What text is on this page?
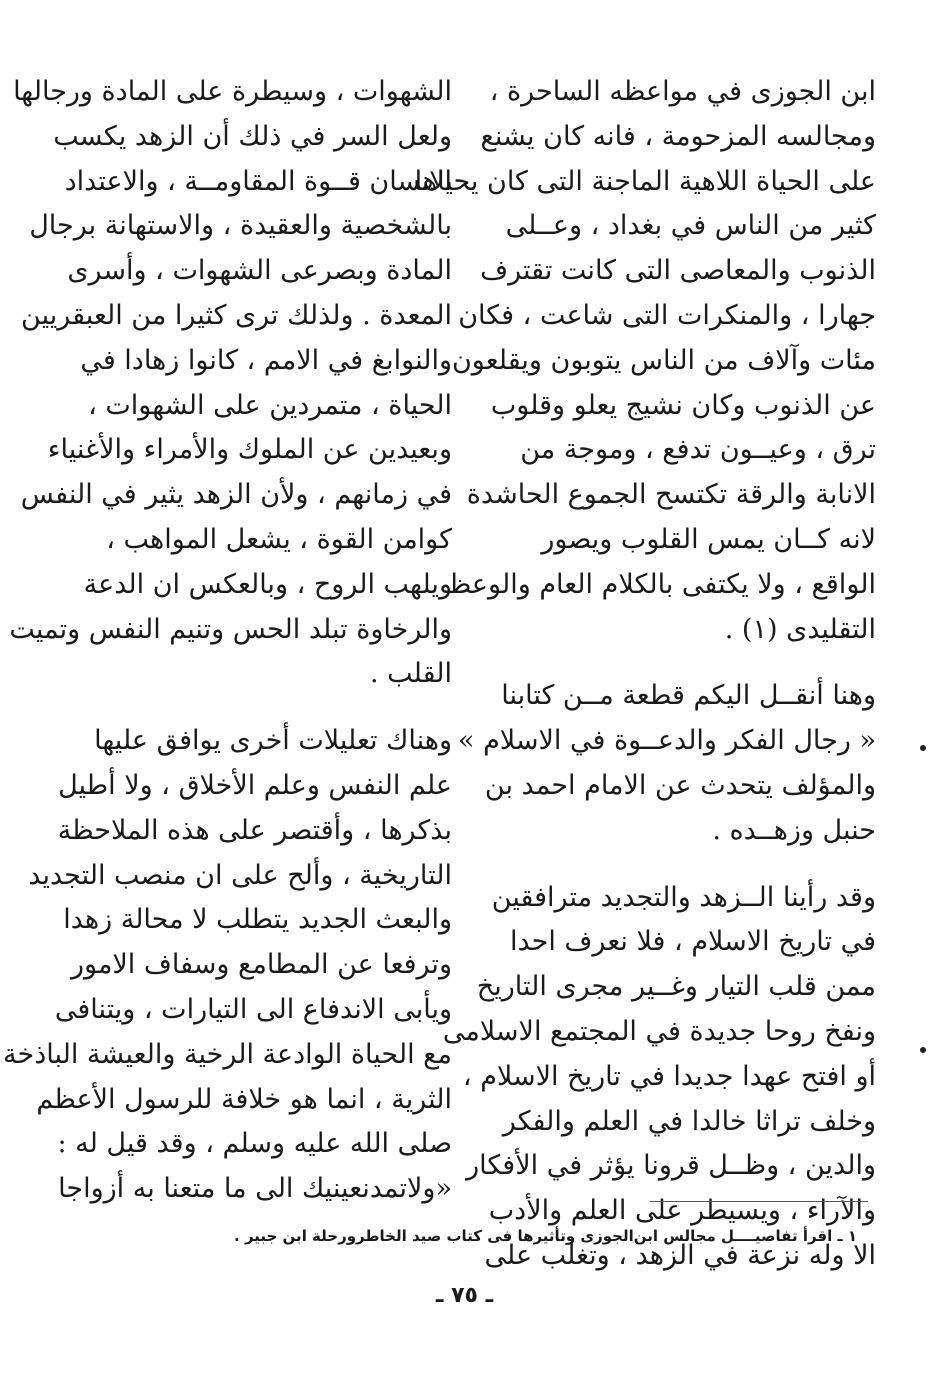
ابن الجوزى في مواعظه الساحرة ،
ومجالسه المزحومة ، فانه كان يشنع
على الحياة اللاهية الماجنة التى كان يحياها
كثير من الناس في بغداد ، وعــلى
الذنوب والمعاصى التى كانت تقترف
جهارا ، والمنكرات التى شاعت ، فكان
مئات وآلاف من الناس يتوبون ويقلعون
عن الذنوب وكان نشيج يعلو وقلوب
ترق ، وعيــون تدفع ، وموجة من
الانابة والرقة تكتسح الجموع الحاشدة
لانه كــان يمس القلوب ويصور
الواقع ، ولا يكتفى بالكلام العام والوعظ
التقليدى (١) .
وهنا أنقــل اليكم قطعة مــن كتابنا
« رجال الفكر والدعــوة في الاسلام »
والمؤلف يتحدث عن الامام احمد بن
حنبل وزهــده .
وقد رأينا الــزهد والتجديد مترافقين
في تاريخ الاسلام ، فلا نعرف احدا
ممن قلب التيار وغــير مجرى التاريخ
ونفخ روحا جديدة في المجتمع الاسلامى
أو افتح عهدا جديدا في تاريخ الاسلام ،
وخلف تراثا خالدا في العلم والفكر
والدين ، وظــل قرونا يؤثر في الأفكار
والآراء ، ويسيطر على العلم والأدب
الا وله نزعة في الزهد ، وتغلب على
الشهوات ، وسيطرة على المادة ورجالها
ولعل السر في ذلك أن الزهد يكسب
الانسان قــوة المقاومــة ، والاعتداد
بالشخصية والعقيدة ، والاستهانة برجال
المادة وبصرعى الشهوات ، وأسرى
المعدة . ولذلك ترى كثيرا من العبقريين
والنوابغ في الامم ، كانوا زهادا في
الحياة ، متمردين على الشهوات ،
وبعيدين عن الملوك والأمراء والأغنياء
في زمانهم ، ولأن الزهد يثير في النفس
كوامن القوة ، يشعل المواهب ،
ويلهب الروح ، وبالعكس ان الدعة
والرخاوة تبلد الحس وتنيم النفس وتميت
القلب .
وهناك تعليلات أخرى يوافق عليها
علم النفس وعلم الأخلاق ، ولا أطيل
بذكرها ، وأقتصر على هذه الملاحظة
التاريخية ، وألح على ان منصب التجديد
والبعث الجديد يتطلب لا محالة زهدا
وترفعا عن المطامع وسفاف الامور
ويأبى الاندفاع الى التيارات ، ويتنافى
مع الحياة الوادعة الرخية والعيشة الباذخة
الثرية ، انما هو خلافة للرسول الأعظم
صلى الله عليه وسلم ، وقد قيل له :
«ولاتمدنعينيك الى ما متعنا به أزواجا
١ ـ اقرأ تفاصيــــل مجالس ابن‌الجوزى وتأثيرها فى كتاب صيد الخاطرورحلة ابن جبير .
ـ ٧٥ ـ
